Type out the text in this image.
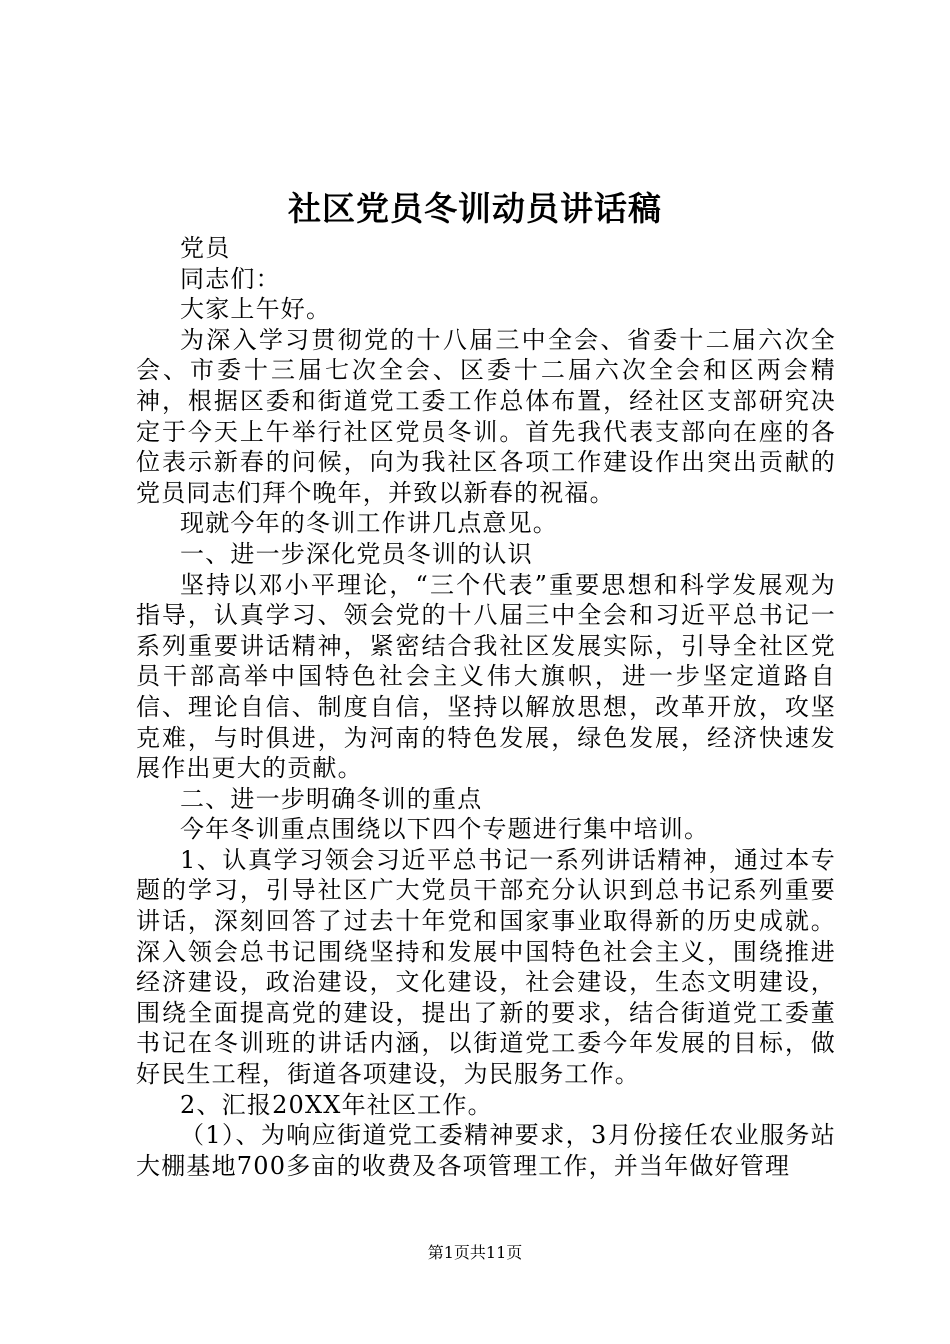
社区党员冬训动员讲话稿

党员

同志们：

大家上午好。

为深入学习贯彻党的十八届三中全会、省委十二届六次全会、市委十三届七次全会、区委十二届六次全会和区两会精神，根据区委和街道党工委工作总体布置，经社区支部研究决定于今天上午举行社区党员冬训。首先我代表支部向在座的各位表示新春的问候，向为我社区各项工作建设作出突出贡献的党员同志们拜个晚年，并致以新春的祝福。

现就今年的冬训工作讲几点意见。

一、进一步深化党员冬训的认识

坚持以邓小平理论，“三个代表”重要思想和科学发展观为指导，认真学习、领会党的十八届三中全会和习近平总书记一系列重要讲话精神，紧密结合我社区发展实际，引导全社区党员干部高举中国特色社会主义伟大旗帜，进一步坚定道路自信、理论自信、制度自信，坚持以解放思想，改革开放，攻坚克难，与时俱进，为河南的特色发展，绿色发展，经济快速发展作出更大的贡献。

二、进一步明确冬训的重点

今年冬训重点围绕以下四个专题进行集中培训。

1、认真学习领会习近平总书记一系列讲话精神，通过本专题的学习，引导社区广大党员干部充分认识到总书记系列重要讲话，深刻回答了过去十年党和国家事业取得新的历史成就。深入领会总书记围绕坚持和发展中国特色社会主义，围绕推进经济建设，政治建设，文化建设，社会建设，生态文明建设，围绕全面提高党的建设，提出了新的要求，结合街道党工委董书记在冬训班的讲话内涵，以街道党工委今年发展的目标，做好民生工程，街道各项建设，为民服务工作。

2、汇报20XX年社区工作。

（1）、为响应街道党工委精神要求，3月份接任农业服务站大棚基地700多亩的收费及各项管理工作，并当年做好管理

第1页共11页
